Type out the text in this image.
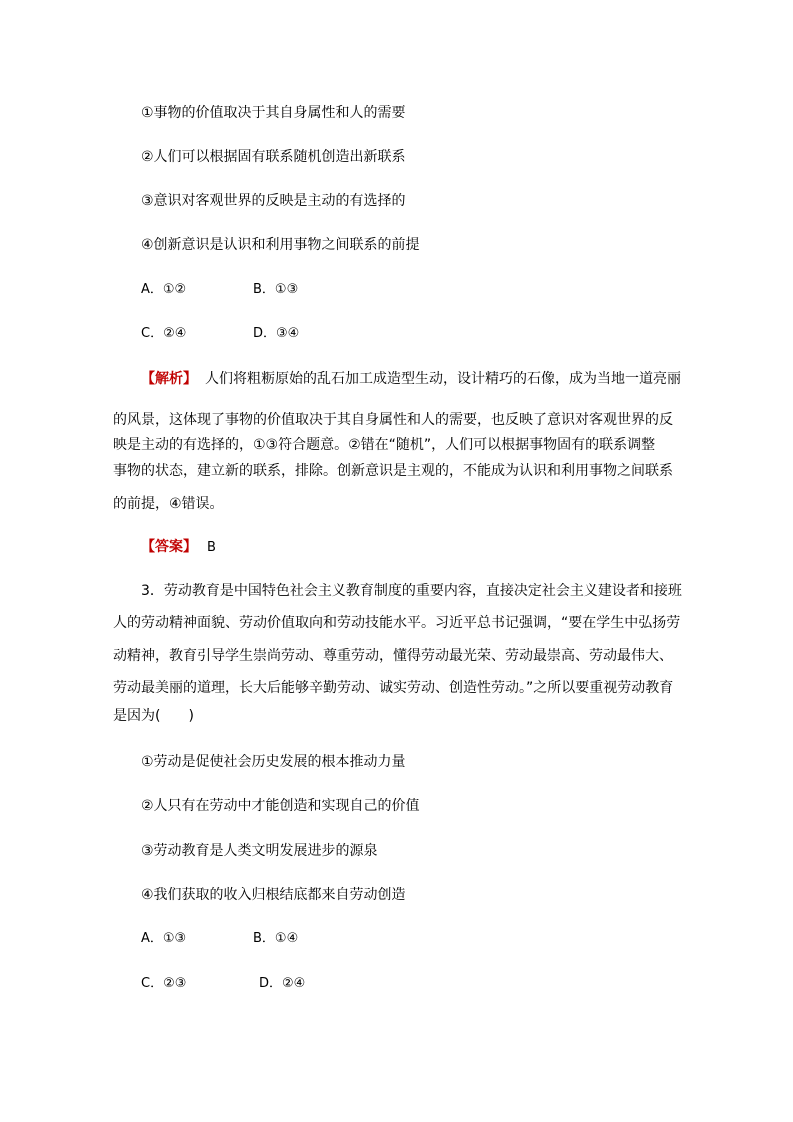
①事物的价值取决于其自身属性和人的需要
②人们可以根据固有联系随机创造出新联系
③意识对客观世界的反映是主动的有选择的
④创新意识是认识和利用事物之间联系的前提
A．①②	B．①③
C．②④	D．③④
【解析】 人们将粗粝原始的乱石加工成造型生动，设计精巧的石像，成为当地一道亮丽
的风景，这体现了事物的价值取决于其自身属性和人的需要，也反映了意识对客观世界的反
映是主动的有选择的，①③符合题意。②错在“随机”，人们可以根据事物固有的联系调整
事物的状态，建立新的联系，排除。创新意识是主观的，不能成为认识和利用事物之间联系
的前提，④错误。
【答案】 B
3．劳动教育是中国特色社会主义教育制度的重要内容，直接决定社会主义建设者和接班
人的劳动精神面貌、劳动价值取向和劳动技能水平。习近平总书记强调，“要在学生中弘扬劳
动精神，教育引导学生崇尚劳动、尊重劳动，懂得劳动最光荣、劳动最崇高、劳动最伟大、
劳动最美丽的道理，长大后能够辛勤劳动、诚实劳动、创造性劳动。”之所以要重视劳动教育
是因为(　　)
①劳动是促使社会历史发展的根本推动力量
②人只有在劳动中才能创造和实现自己的价值
③劳动教育是人类文明发展进步的源泉
④我们获取的收入归根结底都来自劳动创造
A．①③	B．①④
C．②③	D．②④
